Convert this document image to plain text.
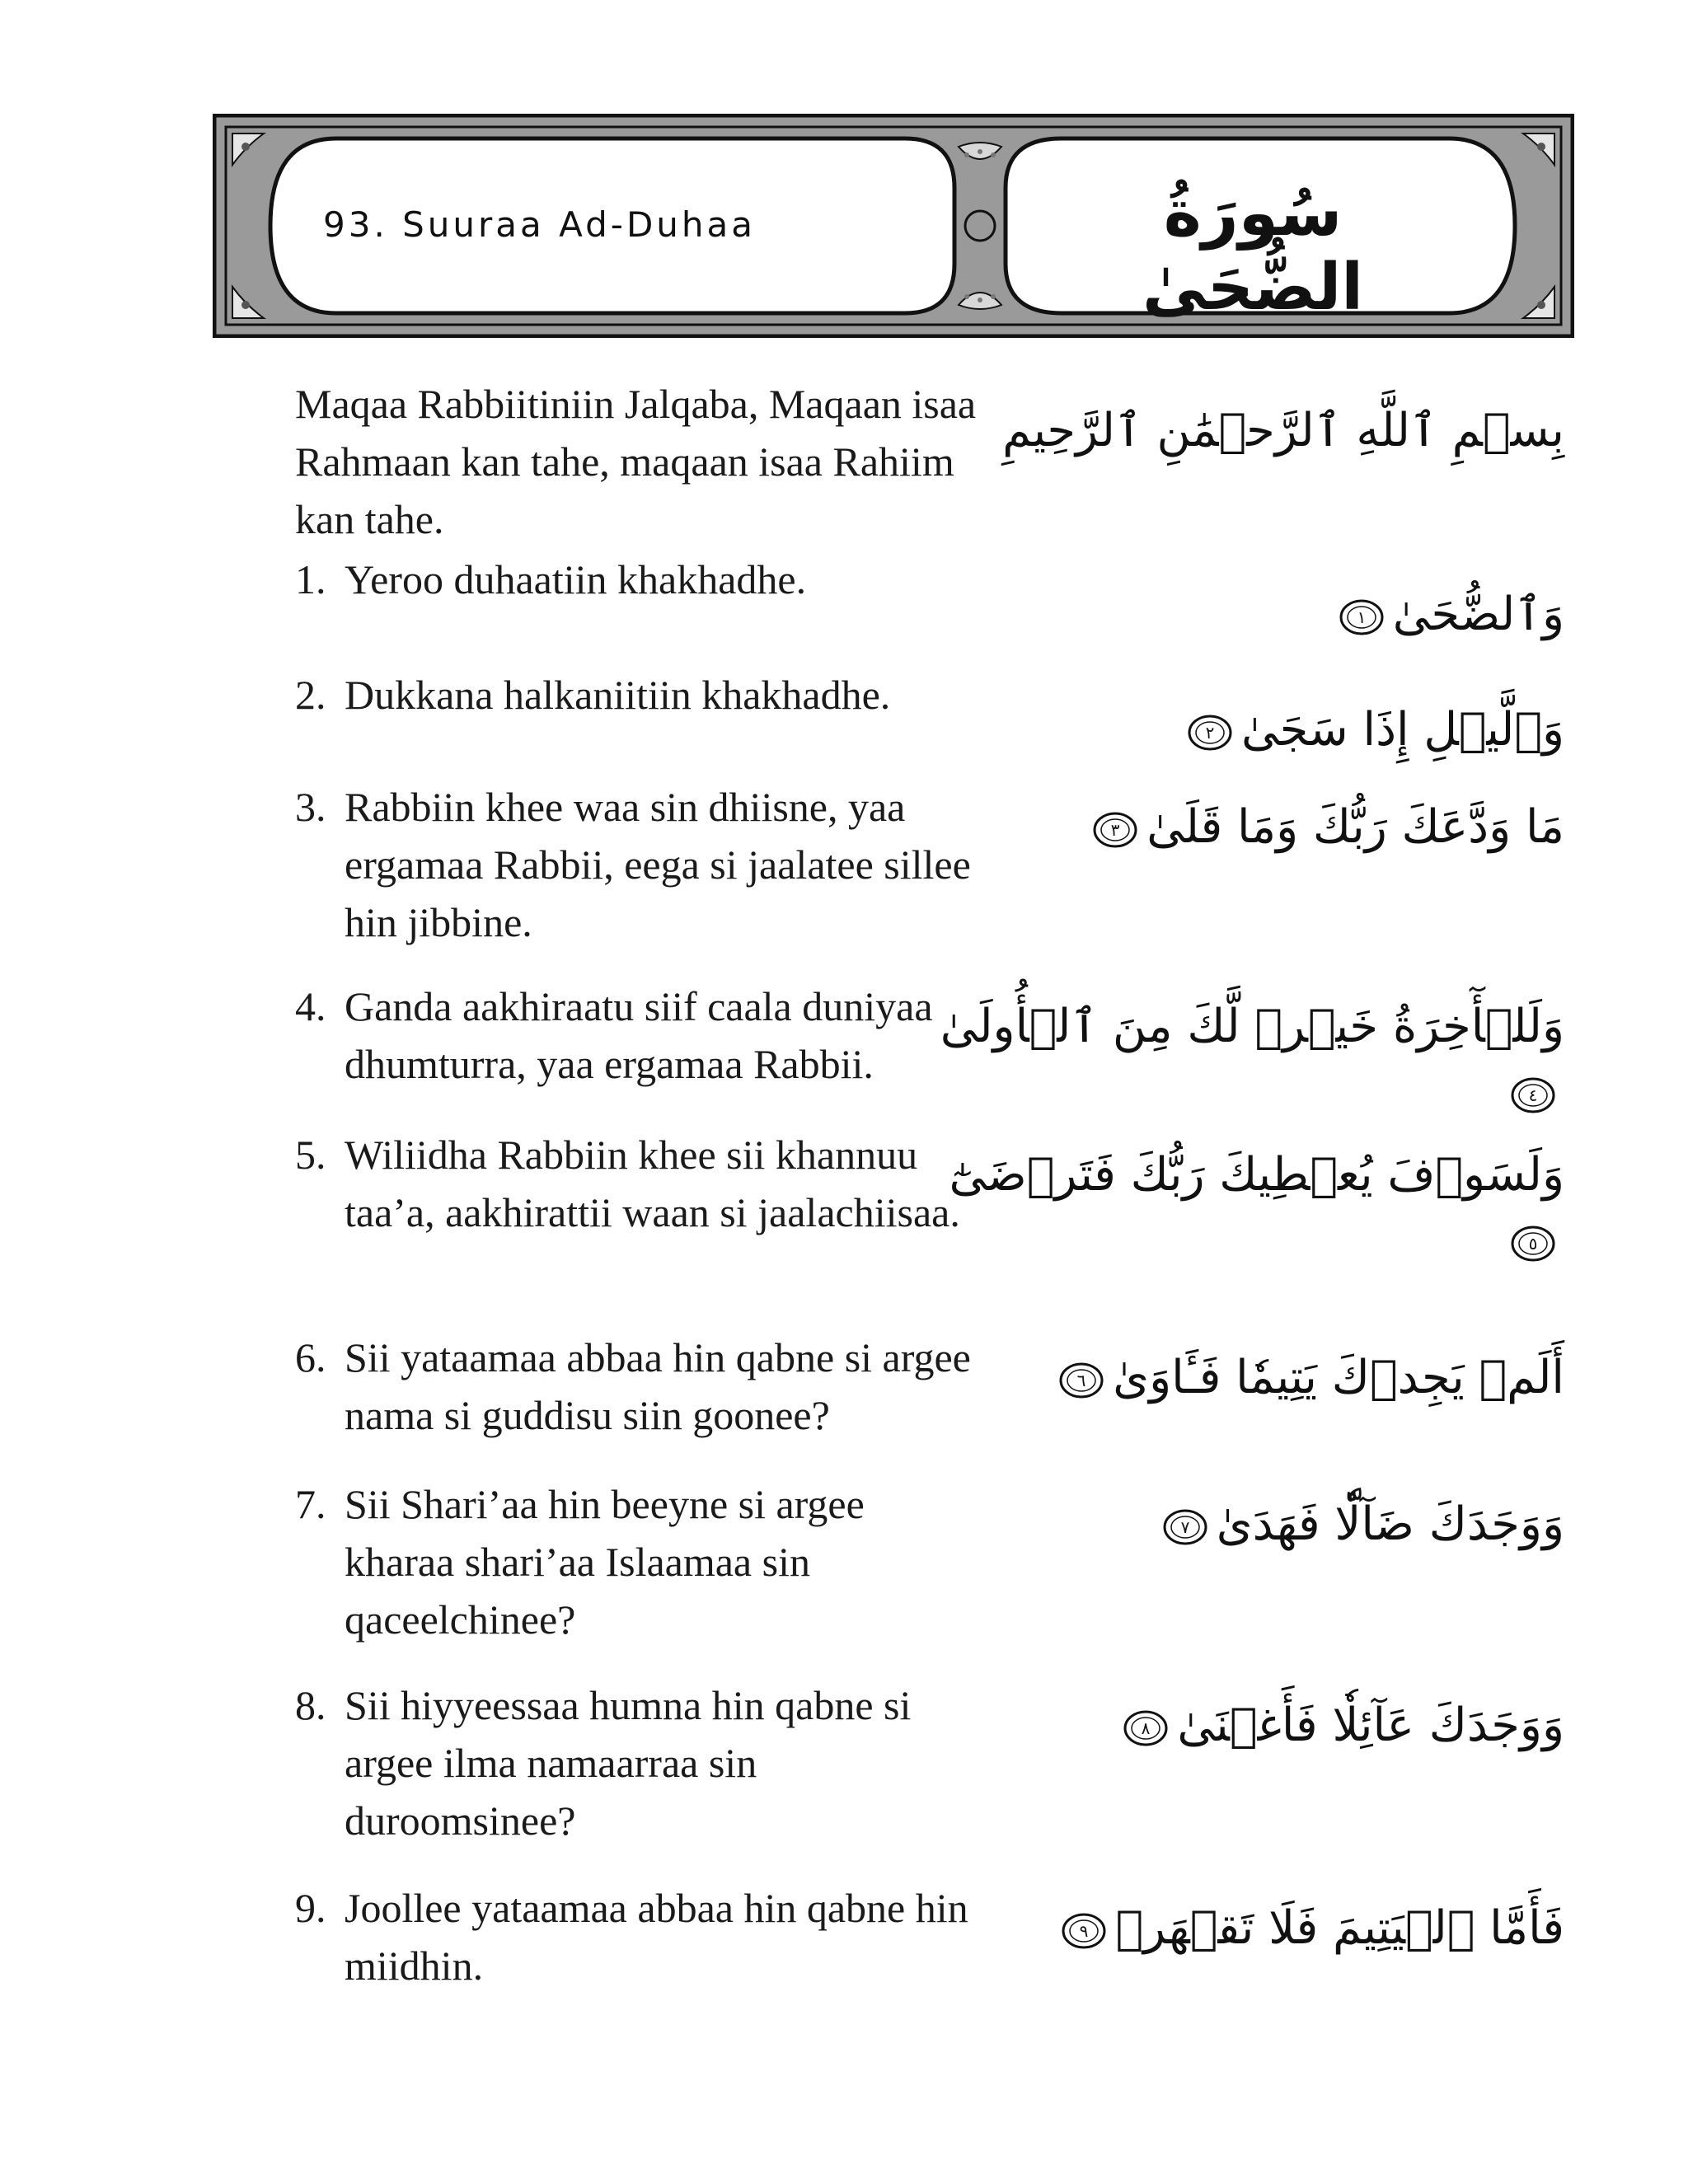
93. Suuraa Ad-Duhaa	سُورَةُ الضُّحَىٰ
Maqaa Rabbiitiniin Jalqaba, Maqaan isaa Rahmaan kan tahe, maqaan isaa Rahiim kan tahe.
بِسۡمِ ٱللَّهِ ٱلرَّحۡمَٰنِ ٱلرَّحِيمِ
1. Yeroo duhaatiin khakhadhe.
وَٱلضُّحَىٰ
١
2. Dukkana halkaniitiin khakhadhe.
وَٱلَّيۡلِ إِذَا سَجَىٰ
٢
3. Rabbiin khee waa sin dhiisne, yaa ergamaa Rabbii, eega si jaalatee sillee hin jibbine.
مَا وَدَّعَكَ رَبُّكَ وَمَا قَلَىٰ
٣
4. Ganda aakhiraatu siif caala duniyaa dhumturra, yaa ergamaa Rabbii.
وَلَلۡأٓخِرَةُ خَيۡرٞ لَّكَ مِنَ ٱلۡأُولَىٰ
٤
5. Wiliidha Rabbiin khee sii khannuu taa’a, aakhirattii waan si jaalachiisaa.
وَلَسَوۡفَ يُعۡطِيكَ رَبُّكَ فَتَرۡضَىٰٓ
٥
6. Sii yataamaa abbaa hin qabne si argee nama si guddisu siin goonee?
أَلَمۡ يَجِدۡكَ يَتِيمٗا فَـَٔاوَىٰ
٦
7. Sii Shari’aa hin beeyne si argee kharaa shari’aa Islaamaa sin qaceelchinee?
وَوَجَدَكَ ضَآلّٗا فَهَدَىٰ
٧
8. Sii hiyyeessaa humna hin qabne si argee ilma namaarraa sin duroomsinee?
وَوَجَدَكَ عَآئِلٗا فَأَغۡنَىٰ
٨
9. Joollee yataamaa abbaa hin qabne hin miidhin.
فَأَمَّا ٱلۡيَتِيمَ فَلَا تَقۡهَرۡ
٩
